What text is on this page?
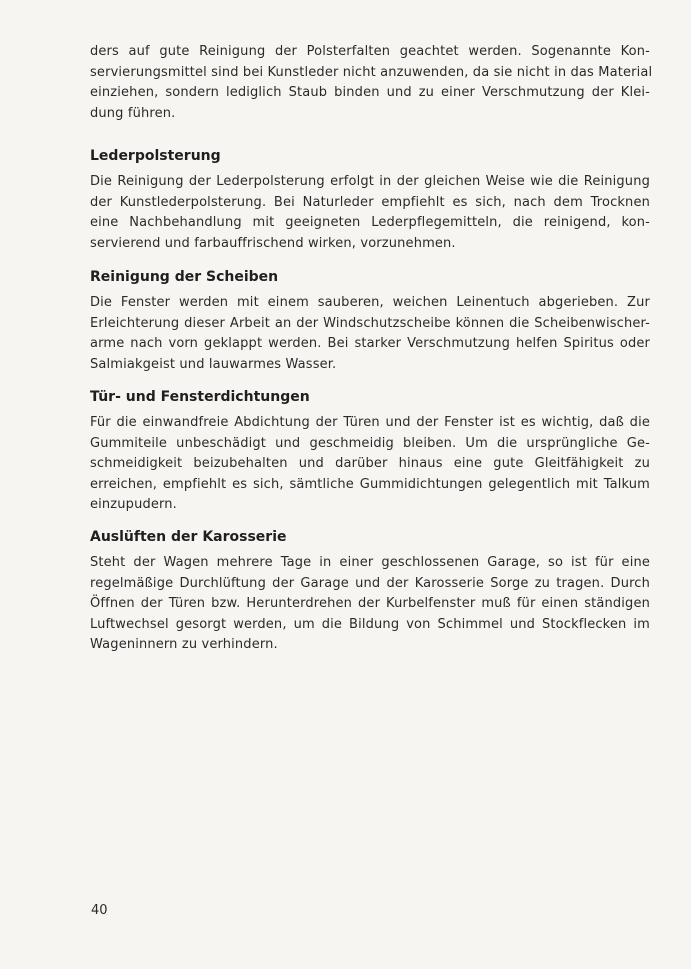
ders auf gute Reinigung der Polsterfalten geachtet werden. Sogenannte Kon-
servierungsmittel sind bei Kunstleder nicht anzuwenden, da sie nicht in das Material
einziehen, sondern lediglich Staub binden und zu einer Verschmutzung der Klei-
dung führen.

Lederpolsterung

Die Reinigung der Lederpolsterung erfolgt in der gleichen Weise wie die Reinigung
der Kunstlederpolsterung. Bei Naturleder empfiehlt es sich, nach dem Trocknen
eine Nachbehandlung mit geeigneten Lederpflegemitteln, die reinigend, kon-
servierend und farbauffrischend wirken, vorzunehmen.

Reinigung der Scheiben

Die Fenster werden mit einem sauberen, weichen Leinentuch abgerieben. Zur
Erleichterung dieser Arbeit an der Windschutzscheibe können die Scheibenwischer-
arme nach vorn geklappt werden. Bei starker Verschmutzung helfen Spiritus oder
Salmiakgeist und lauwarmes Wasser.

Tür- und Fensterdichtungen

Für die einwandfreie Abdichtung der Türen und der Fenster ist es wichtig, daß die
Gummiteile unbeschädigt und geschmeidig bleiben. Um die ursprüngliche Ge-
schmeidigkeit beizubehalten und darüber hinaus eine gute Gleitfähigkeit zu
erreichen, empfiehlt es sich, sämtliche Gummidichtungen gelegentlich mit Talkum
einzupudern.

Auslüften der Karosserie

Steht der Wagen mehrere Tage in einer geschlossenen Garage, so ist für eine
regelmäßige Durchlüftung der Garage und der Karosserie Sorge zu tragen. Durch
Öffnen der Türen bzw. Herunterdrehen der Kurbelfenster muß für einen ständigen
Luftwechsel gesorgt werden, um die Bildung von Schimmel und Stockflecken im
Wageninnern zu verhindern.

40
